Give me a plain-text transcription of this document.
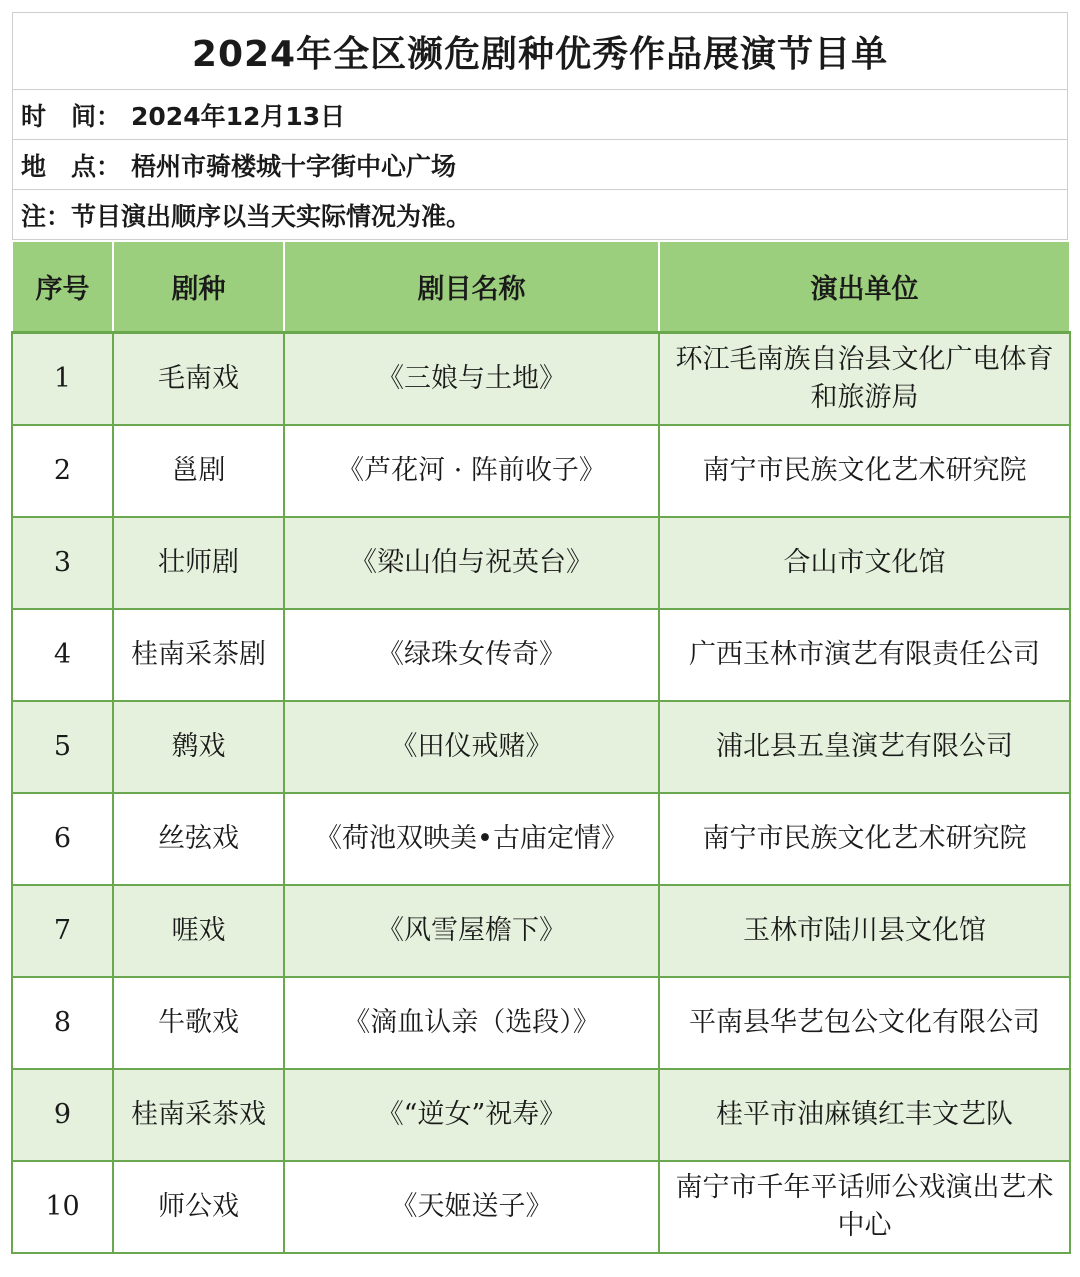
2024年全区濒危剧种优秀作品展演节目单
时　间： 2024年12月13日
地　点： 梧州市骑楼城十字街中心广场
注：节目演出顺序以当天实际情况为准。
序号	剧种	剧目名称	演出单位
1	毛南戏	《三娘与土地》	环江毛南族自治县文化广电体育和旅游局
2	邕剧	《芦花河 · 阵前收子》	南宁市民族文化艺术研究院
3	壮师剧	《梁山伯与祝英台》	合山市文化馆
4	桂南采茶剧	《绿珠女传奇》	广西玉林市演艺有限责任公司
5	鹩戏	《田仪戒赌》	浦北县五皇演艺有限公司
6	丝弦戏	《荷池双映美•古庙定情》	南宁市民族文化艺术研究院
7	啀戏	《风雪屋檐下》	玉林市陆川县文化馆
8	牛歌戏	《滴血认亲（选段）》	平南县华艺包公文化有限公司
9	桂南采茶戏	《“逆女”祝寿》	桂平市油麻镇红丰文艺队
10	师公戏	《天姬送子》	南宁市千年平话师公戏演出艺术中心
